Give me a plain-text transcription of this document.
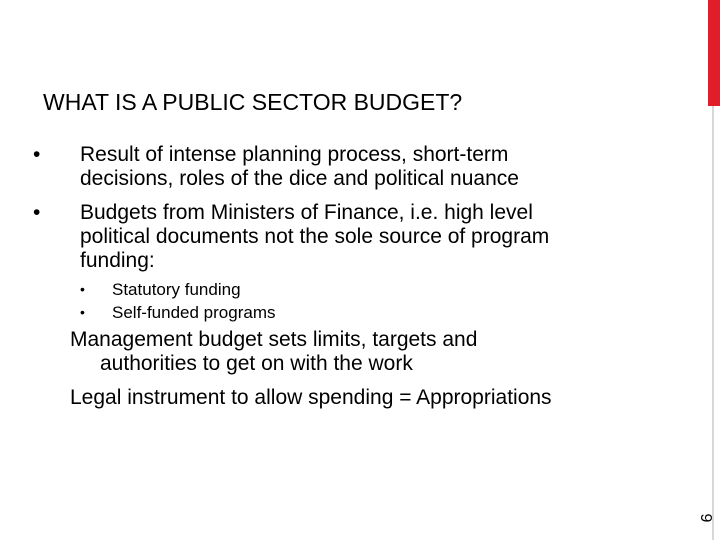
WHAT IS A PUBLIC SECTOR BUDGET?
•	Result of intense planning process, short-term
decisions, roles of the dice and political nuance
•	Budgets from Ministers of Finance, i.e. high level
political documents not the sole source of program
funding:
•	Statutory funding
•	Self-funded programs
Management budget sets limits, targets and
authorities to get on with the work
Legal instrument to allow spending = Appropriations
9
